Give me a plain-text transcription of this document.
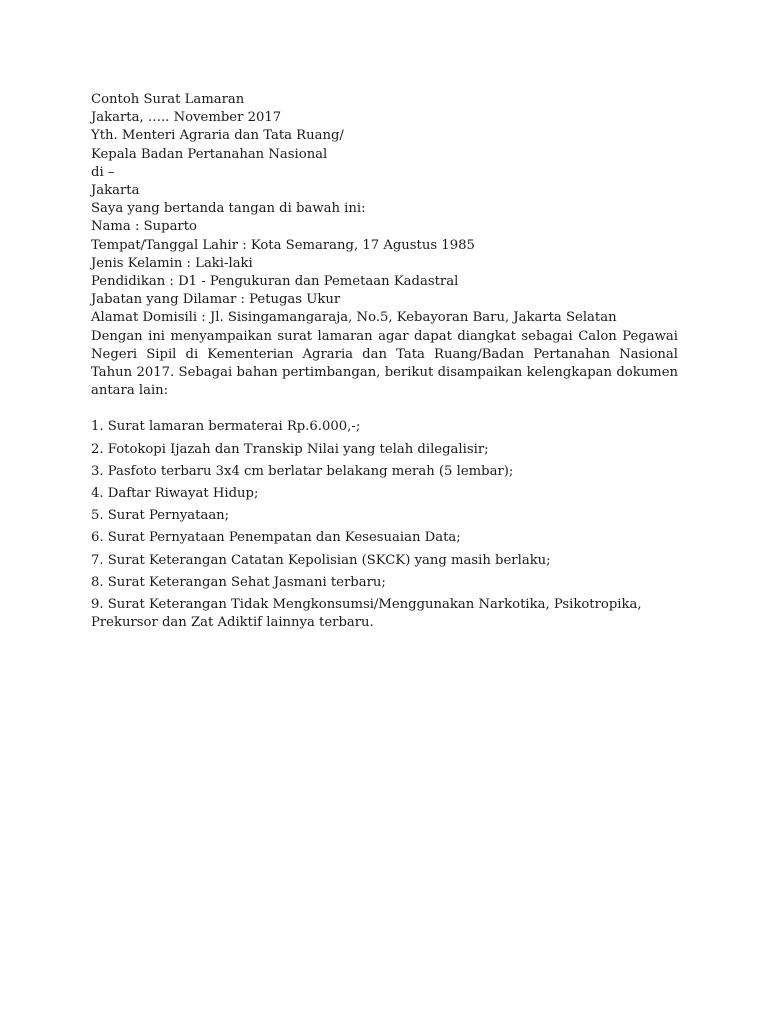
Contoh Surat Lamaran
Jakarta, ….. November 2017
Yth. Menteri Agraria dan Tata Ruang/
Kepala Badan Pertanahan Nasional
di –
Jakarta
Saya yang bertanda tangan di bawah ini:
Nama : Suparto
Tempat/Tanggal Lahir : Kota Semarang, 17 Agustus 1985
Jenis Kelamin : Laki-laki
Pendidikan : D1 - Pengukuran dan Pemetaan Kadastral
Jabatan yang Dilamar : Petugas Ukur
Alamat Domisili : Jl. Sisingamangaraja, No.5, Kebayoran Baru, Jakarta Selatan

Dengan ini menyampaikan surat lamaran agar dapat diangkat sebagai Calon Pegawai Negeri Sipil di Kementerian Agraria dan Tata Ruang/Badan Pertanahan Nasional Tahun 2017. Sebagai bahan pertimbangan, berikut disampaikan kelengkapan dokumen antara lain:

1. Surat lamaran bermaterai Rp.6.000,-;
2. Fotokopi Ijazah dan Transkip Nilai yang telah dilegalisir;
3. Pasfoto terbaru 3x4 cm berlatar belakang merah (5 lembar);
4. Daftar Riwayat Hidup;
5. Surat Pernyataan;
6. Surat Pernyataan Penempatan dan Kesesuaian Data;
7. Surat Keterangan Catatan Kepolisian (SKCK) yang masih berlaku;
8. Surat Keterangan Sehat Jasmani terbaru;
9. Surat Keterangan Tidak Mengkonsumsi/Menggunakan Narkotika, Psikotropika, Prekursor dan Zat Adiktif lainnya terbaru.
